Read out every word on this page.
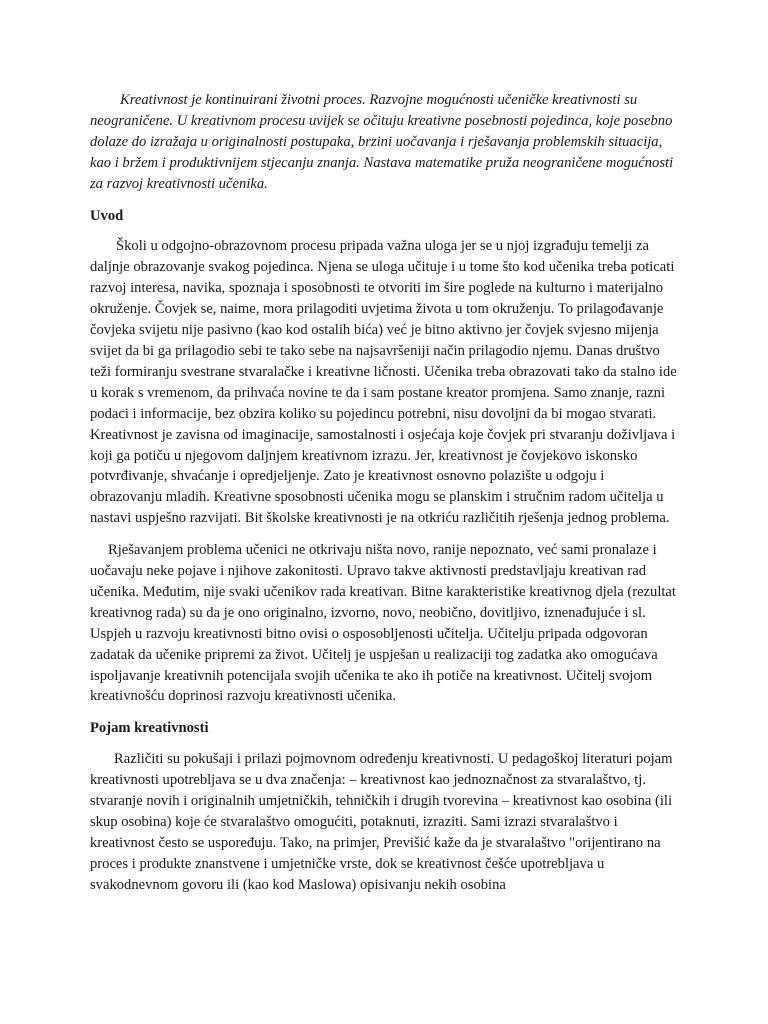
Kreativnost je kontinuirani životni proces. Razvojne mogućnosti učeničke kreativnosti su neograničene. U kreativnom procesu uvijek se očituju kreativne posebnosti pojedinca, koje posebno dolaze do izražaja u originalnosti postupaka, brzini uočavanja i rješavanja problemskih situacija, kao i bržem i produktivnijem stjecanju znanja. Nastava matematike pruža neograničene mogućnosti za razvoj kreativnosti učenika.

Uvod

Školi u odgojno-obrazovnom procesu pripada važna uloga jer se u njoj izgrađuju temelji za daljnje obrazovanje svakog pojedinca. Njena se uloga učituje i u tome što kod učenika treba poticati razvoj interesa, navika, spoznaja i sposobnosti te otvoriti im šire poglede na kulturno i materijalno okruženje. Čovjek se, naime, mora prilagoditi uvjetima života u tom okruženju. To prilagođavanje čovjeka svijetu nije pasivno (kao kod ostalih bića) već je bitno aktivno jer čovjek svjesno mijenja svijet da bi ga prilagodio sebi te tako sebe na najsavršeniji način prilagodio njemu. Danas društvo teži formiranju svestrane stvaralačke i kreativne ličnosti. Učenika treba obrazovati tako da stalno ide u korak s vremenom, da prihvaća novine te da i sam postane kreator promjena. Samo znanje, razni podaci i informacije, bez obzira koliko su pojedincu potrebni, nisu dovoljni da bi mogao stvarati. Kreativnost je zavisna od imaginacije, samostalnosti i osjećaja koje čovjek pri stvaranju doživljava i koji ga potiču u njegovom daljnjem kreativnom izrazu. Jer, kreativnost je čovjekovo iskonsko potvrđivanje, shvaćanje i opredjeljenje. Zato je kreativnost osnovno polazište u odgoju i obrazovanju mladih. Kreativne sposobnosti učenika mogu se planskim i stručnim radom učitelja u nastavi uspješno razvijati. Bit školske kreativnosti je na otkriću različitih rješenja jednog problema.

Rješavanjem problema učenici ne otkrivaju ništa novo, ranije nepoznato, već sami pronalaze i uočavaju neke pojave i njihove zakonitosti. Upravo takve aktivnosti predstavljaju kreativan rad učenika. Međutim, nije svaki učenikov rada kreativan. Bitne karakteristike kreativnog djela (rezultat kreativnog rada) su da je ono originalno, izvorno, novo, neobično, dovitljivo, iznenađujuće i sl. Uspjeh u razvoju kreativnosti bitno ovisi o osposobljenosti učitelja. Učitelju pripada odgovoran zadatak da učenike pripremi za život. Učitelj je uspješan u realizaciji tog zadatka ako omogućava ispoljavanje kreativnih potencijala svojih učenika te ako ih potiče na kreativnost. Učitelj svojom kreativnošću doprinosi razvoju kreativnosti učenika.

Pojam kreativnosti

Različiti su pokušaji i prilazi pojmovnom određenju kreativnosti. U pedagoškoj literaturi pojam kreativnosti upotrebljava se u dva značenja: – kreativnost kao jednoznačnost za stvaralaštvo, tj. stvaranje novih i originalnih umjetničkih, tehničkih i drugih tvorevina – kreativnost kao osobina (ili skup osobina) koje će stvaralaštvo omogućiti, potaknuti, izraziti. Sami izrazi stvaralaštvo i kreativnost često se uspoređuju. Tako, na primjer, Previšić kaže da je stvaralaštvo "orijentirano na proces i produkte znanstvene i umjetničke vrste, dok se kreativnost češće upotrebljava u svakodnevnom govoru ili (kao kod Maslowa) opisivanju nekih osobina
